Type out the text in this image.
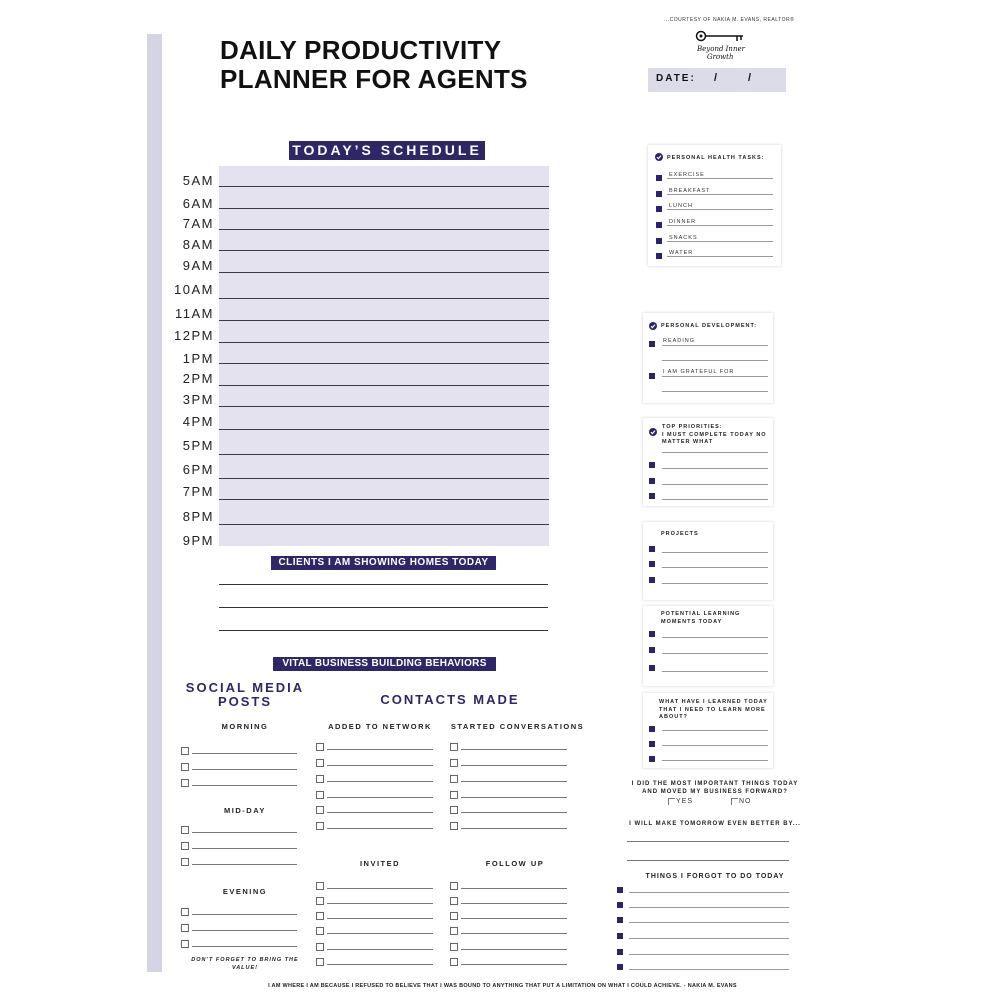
DAILY PRODUCTIVITY
PLANNER FOR AGENTS
...COURTESY OF NAKIA M. EVANS, REALTOR®
Beyond Inner
Growth
DATE: /	/
TODAY’S SCHEDULE
5AM
6AM
7AM
8AM
9AM
10AM
11AM
12PM
1PM
2PM
3PM
4PM
5PM
6PM
7PM
8PM
9PM
CLIENTS I AM SHOWING HOMES TODAY
VITAL BUSINESS BUILDING BEHAVIORS
SOCIAL MEDIA
POSTS
MORNING
MID-DAY
EVENING
DON’T FORGET TO BRING THE
VALUE!
CONTACTS MADE
ADDED TO NETWORK	STARTED CONVERSATIONS
INVITED	FOLLOW UP
PERSONAL HEALTH TASKS:
EXERCISE
BREAKFAST
LUNCH
DINNER
SNACKS
WATER
PERSONAL DEVELOPMENT:
READING
I AM GRATEFUL FOR
TOP PRIORITIES:
I MUST COMPLETE TODAY NO
MATTER WHAT
PROJECTS
POTENTIAL LEARNING
MOMENTS TODAY
WHAT HAVE I LEARNED TODAY
THAT I NEED TO LEARN MORE
ABOUT?
I DID THE MOST IMPORTANT THINGS TODAY
AND MOVED MY BUSINESS FORWARD?
YES	NO
I WILL MAKE TOMORROW EVEN BETTER BY...
THINGS I FORGOT TO DO TODAY
I AM WHERE I AM BECAUSE I REFUSED TO BELIEVE THAT I WAS BOUND TO ANYTHING THAT PUT A LIMITATION ON WHAT I COULD ACHIEVE. - NAKIA M. EVANS
